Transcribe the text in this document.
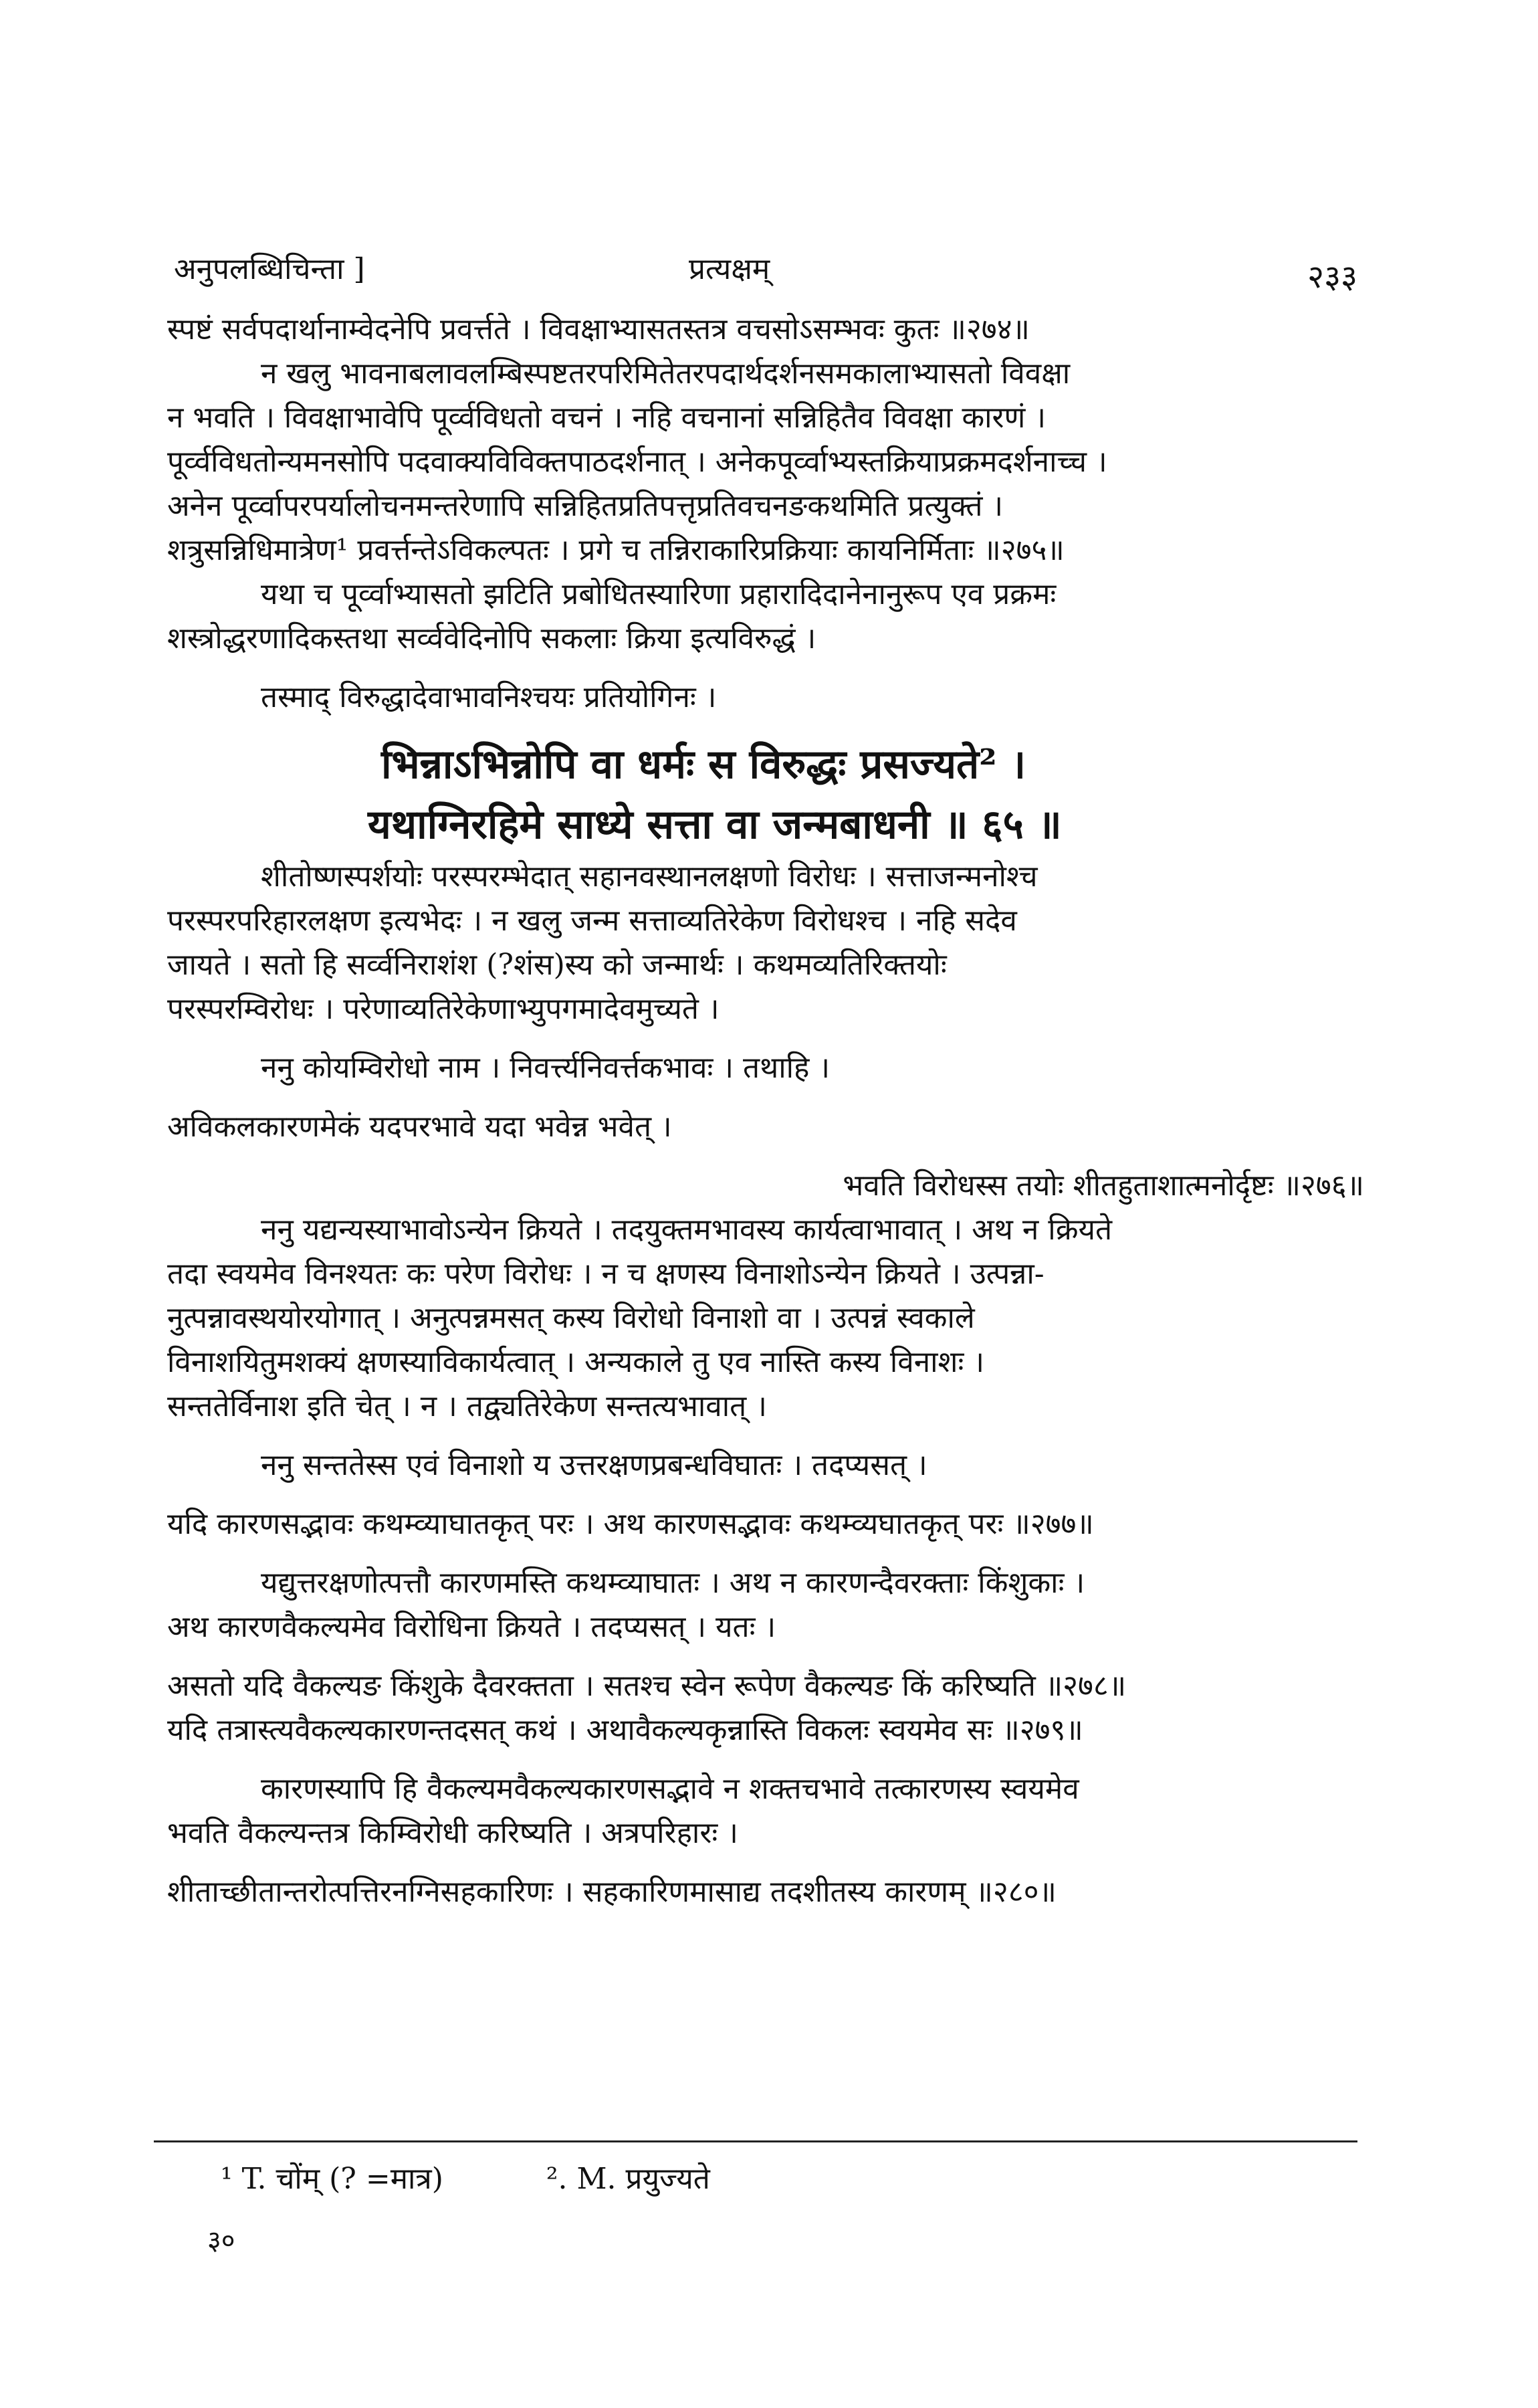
अनुपलब्धिचिन्ता ]	प्रत्यक्षम्	२३३
स्पष्टं सर्वपदार्थानाम्वेदनेपि प्रवर्त्तते । विवक्षाभ्यासतस्तत्र वचसोऽसम्भवः कुतः ॥२७४॥
न खलु भावनाबलावलम्बिस्पष्टतरपरिमितेतरपदार्थदर्शनसमकालाभ्यासतो विवक्षा
न भवति । विवक्षाभावेपि पूर्व्वविधतो वचनं । नहि वचनानां सन्निहितैव विवक्षा कारणं ।
पूर्व्वविधतोन्यमनसोपि पदवाक्यविविक्तपाठदर्शनात् । अनेकपूर्व्वाभ्यस्तक्रियाप्रक्रमदर्शनाच्च ।
अनेन पूर्व्वापरपर्यालोचनमन्तरेणापि सन्निहितप्रतिपत्तृप्रतिवचनङकथमिति प्रत्युक्तं ।
शत्रुसन्निधिमात्रेण¹ प्रवर्त्तन्तेऽविकल्पतः । प्रगे च तन्निराकारिप्रक्रियाः कायनिर्मिताः ॥२७५॥
यथा च पूर्व्वाभ्यासतो झटिति प्रबोधितस्यारिणा प्रहारादिदानेनानुरूप एव प्रक्रमः
शस्त्रोद्धरणादिकस्तथा सर्व्ववेदिनोपि सकलाः क्रिया इत्यविरुद्धं ।
तस्माद् विरुद्धादेवाभावनिश्चयः प्रतियोगिनः ।
भिन्नाऽभिन्नोपि वा धर्मः स विरुद्धः प्रसज्यते² ।
यथाग्निरहिमे साध्ये सत्ता वा जन्मबाधनी ॥ ६५ ॥
शीतोष्णस्पर्शयोः परस्परम्भेदात् सहानवस्थानलक्षणो विरोधः । सत्ताजन्मनोश्च
परस्परपरिहारलक्षण इत्यभेदः । न खलु जन्म सत्ताव्यतिरेकेण विरोधश्च । नहि सदेव
जायते । सतो हि सर्व्वनिराशंश (?शंस)स्य को जन्मार्थः । कथमव्यतिरिक्तयोः
परस्परम्विरोधः । परेणाव्यतिरेकेणाभ्युपगमादेवमुच्यते ।
ननु कोयम्विरोधो नाम । निवर्त्त्यनिवर्त्तकभावः । तथाहि ।
अविकलकारणमेकं यदपरभावे यदा भवेन्न भवेत् ।
भवति विरोधस्स तयोः शीतहुताशात्मनोर्दृष्टः ॥२७६॥
ननु यद्यन्यस्याभावोऽन्येन क्रियते । तदयुक्तमभावस्य कार्यत्वाभावात् । अथ न क्रियते
तदा स्वयमेव विनश्यतः कः परेण विरोधः । न च क्षणस्य विनाशोऽन्येन क्रियते । उत्पन्ना-
नुत्पन्नावस्थयोरयोगात् । अनुत्पन्नमसत् कस्य विरोधो विनाशो वा । उत्पन्नं स्वकाले
विनाशयितुमशक्यं क्षणस्याविकार्यत्वात् । अन्यकाले तु एव नास्ति कस्य विनाशः ।
सन्ततेर्विनाश इति चेत् । न । तद्व्यतिरेकेण सन्तत्यभावात् ।
ननु सन्ततेस्स एवं विनाशो य उत्तरक्षणप्रबन्धविघातः । तदप्यसत् ।
यदि कारणसद्भावः कथम्व्याघातकृत् परः । अथ कारणसद्भावः कथम्व्यघातकृत् परः ॥२७७॥
यद्युत्तरक्षणोत्पत्तौ कारणमस्ति कथम्व्याघातः । अथ न कारणन्दैवरक्ताः किंशुकाः ।
अथ कारणवैकल्यमेव विरोधिना क्रियते । तदप्यसत् । यतः ।
असतो यदि वैकल्यङ किंशुके दैवरक्तता । सतश्च स्वेन रूपेण वैकल्यङ किं करिष्यति ॥२७८॥
यदि तत्रास्त्यवैकल्यकारणन्तदसत् कथं । अथावैकल्यकृन्नास्ति विकलः स्वयमेव सः ॥२७९॥
कारणस्यापि हि वैकल्यमवैकल्यकारणसद्भावे न शक्तचभावे तत्कारणस्य स्वयमेव
भवति वैकल्यन्तत्र किम्विरोधी करिष्यति । अत्रपरिहारः ।
शीताच्छीतान्तरोत्पत्तिरनग्निसहकारिणः । सहकारिणमासाद्य तदशीतस्य कारणम् ॥२८०॥
¹ T. चोंम् (? =मात्र)	². M. प्रयुज्यते
३०
